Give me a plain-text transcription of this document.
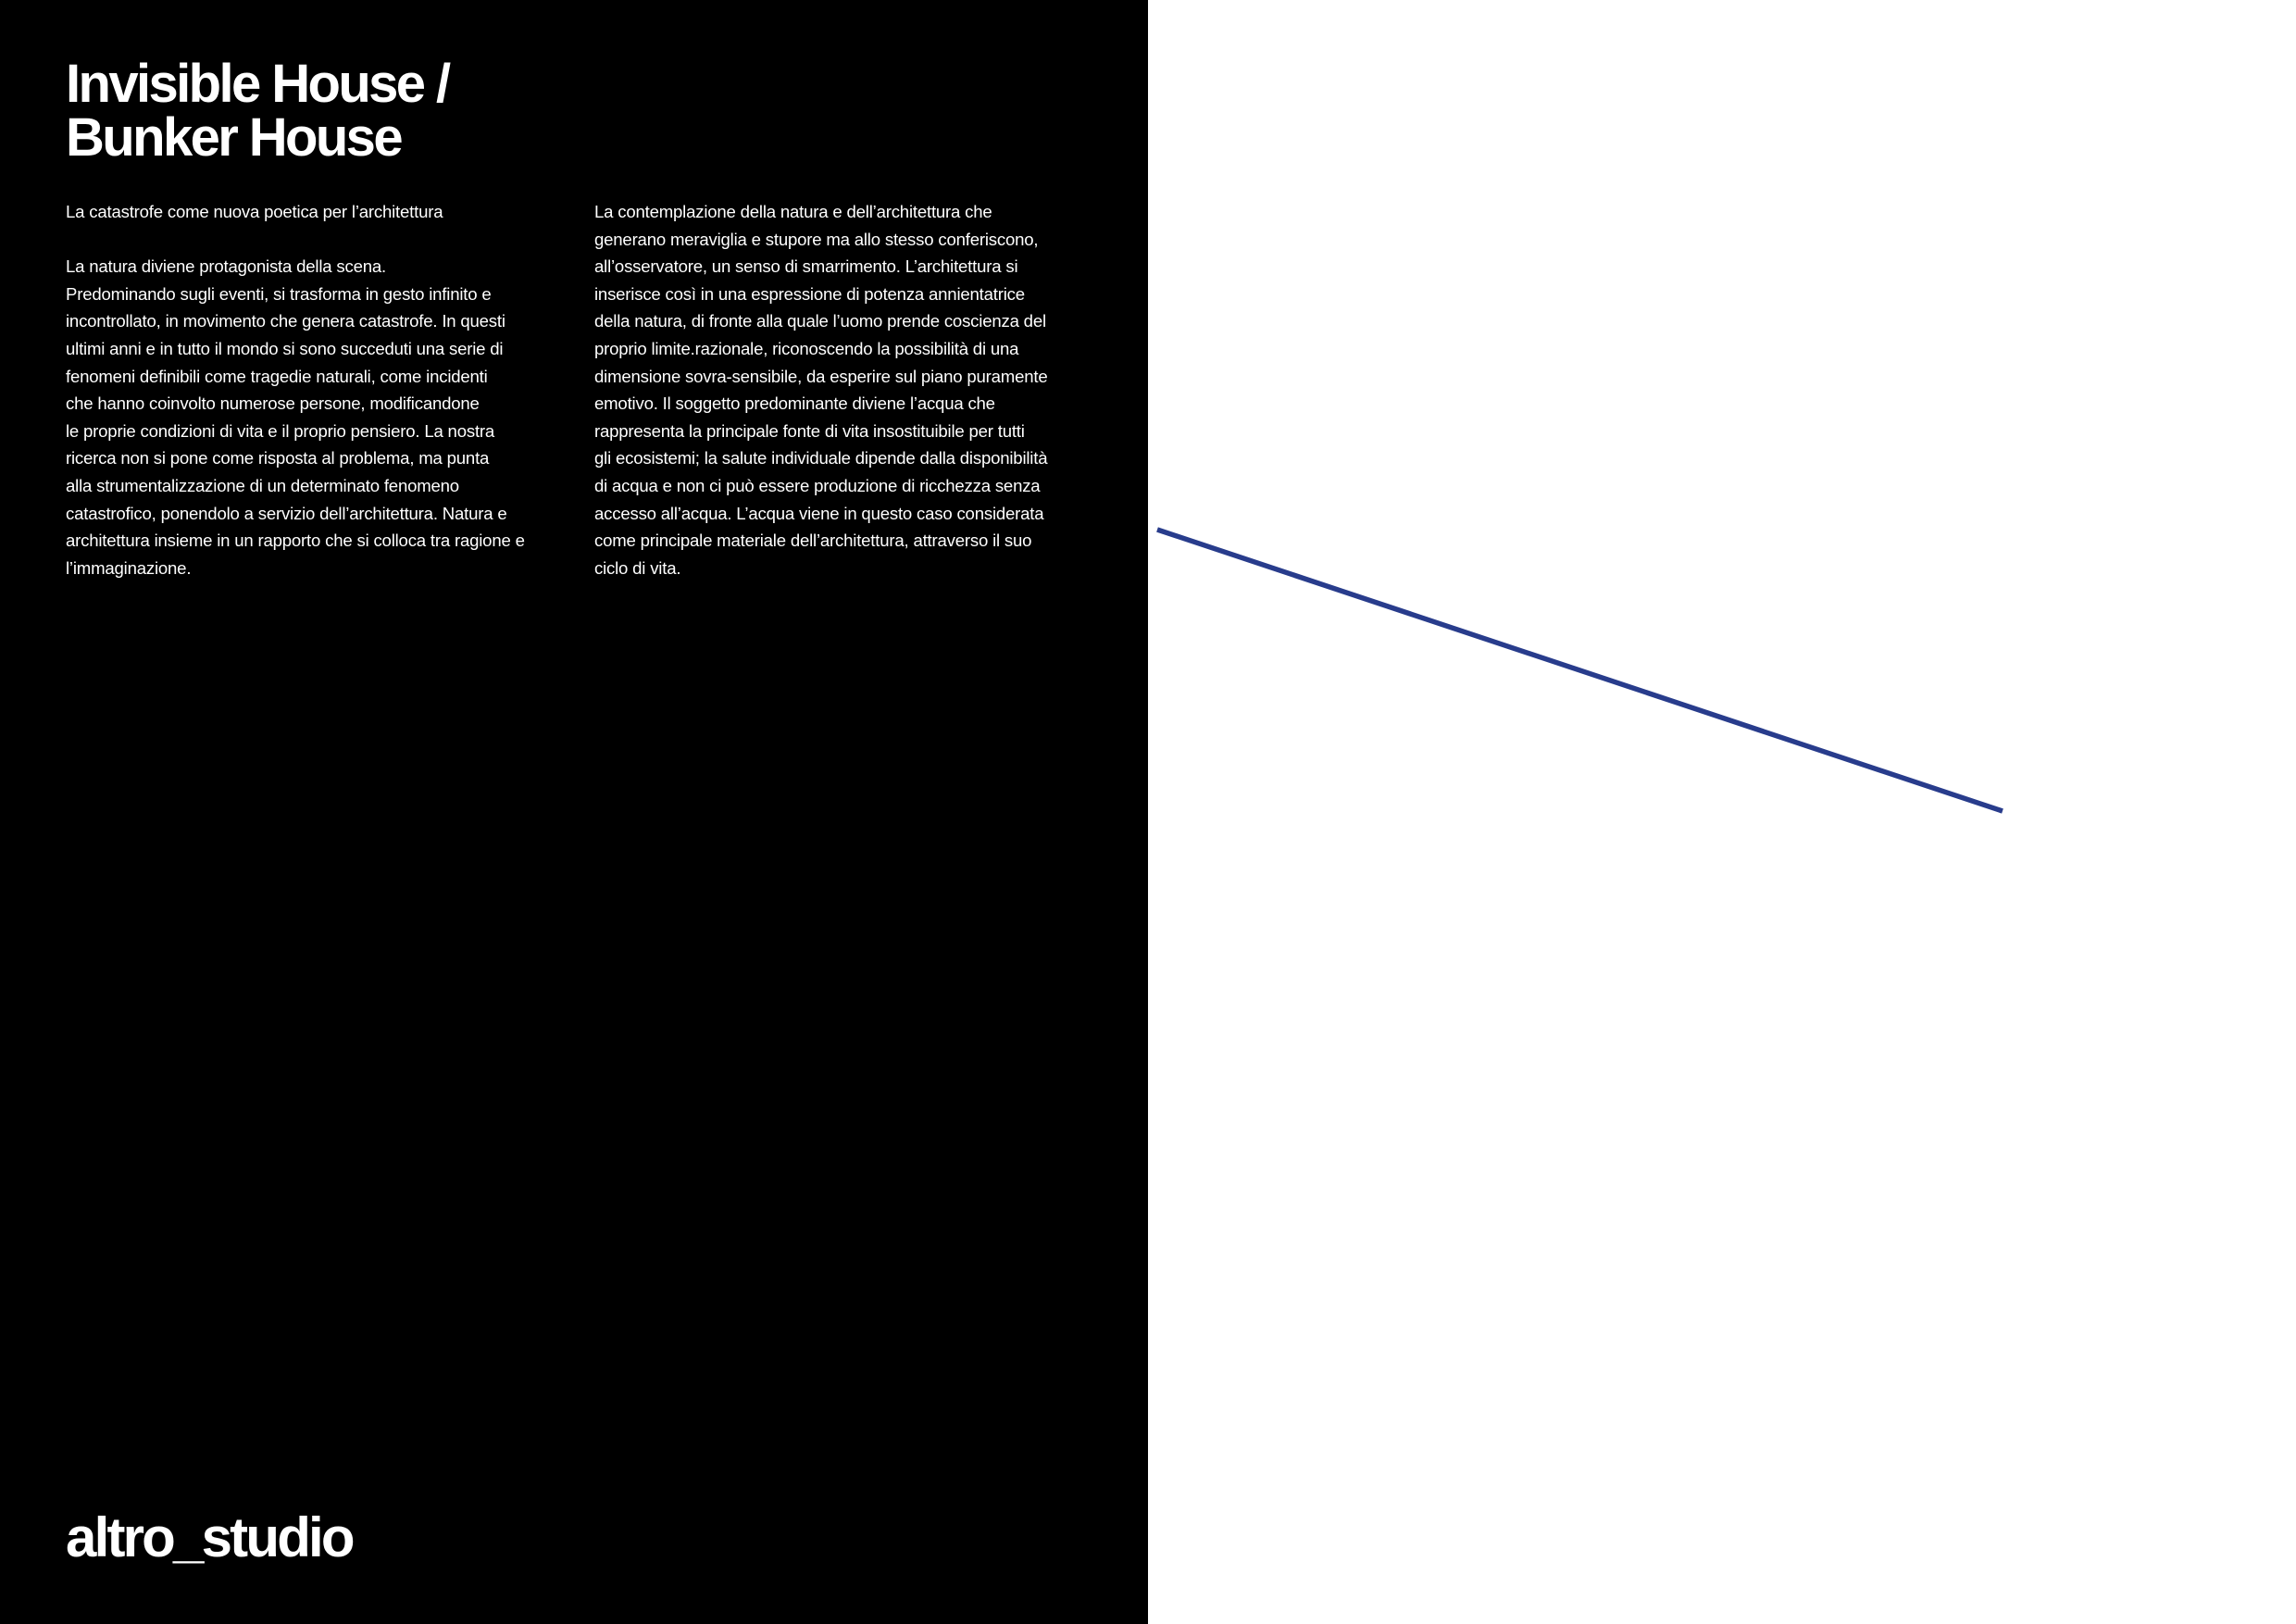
Invisible House /
Bunker House

La catastrofe come nuova poetica per l’architettura

La natura diviene protagonista della scena.
Predominando sugli eventi, si trasforma in gesto infinito e
incontrollato, in movimento che genera catastrofe. In questi
ultimi anni e in tutto il mondo si sono succeduti una serie di
fenomeni definibili come tragedie naturali, come incidenti
che hanno coinvolto numerose persone, modificandone
le proprie condizioni di vita e il proprio pensiero. La nostra
ricerca non si pone come risposta al problema, ma punta
alla strumentalizzazione di un determinato fenomeno
catastrofico, ponendolo a servizio dell’architettura. Natura e
architettura insieme in un rapporto che si colloca tra ragione e
l’immaginazione.

La contemplazione della natura e dell’architettura che
generano meraviglia e stupore ma allo stesso conferiscono,
all’osservatore, un senso di smarrimento. L’architettura si
inserisce così in una espressione di potenza annientatrice
della natura, di fronte alla quale l’uomo prende coscienza del
proprio limite.razionale, riconoscendo la possibilità di una
dimensione sovra-sensibile, da esperire sul piano puramente
emotivo. Il soggetto predominante diviene l’acqua che
rappresenta la principale fonte di vita insostituibile per tutti
gli ecosistemi; la salute individuale dipende dalla disponibilità
di acqua e non ci può essere produzione di ricchezza senza
accesso all’acqua. L’acqua viene in questo caso considerata
come principale materiale dell’architettura, attraverso il suo
ciclo di vita.

altro_studio
